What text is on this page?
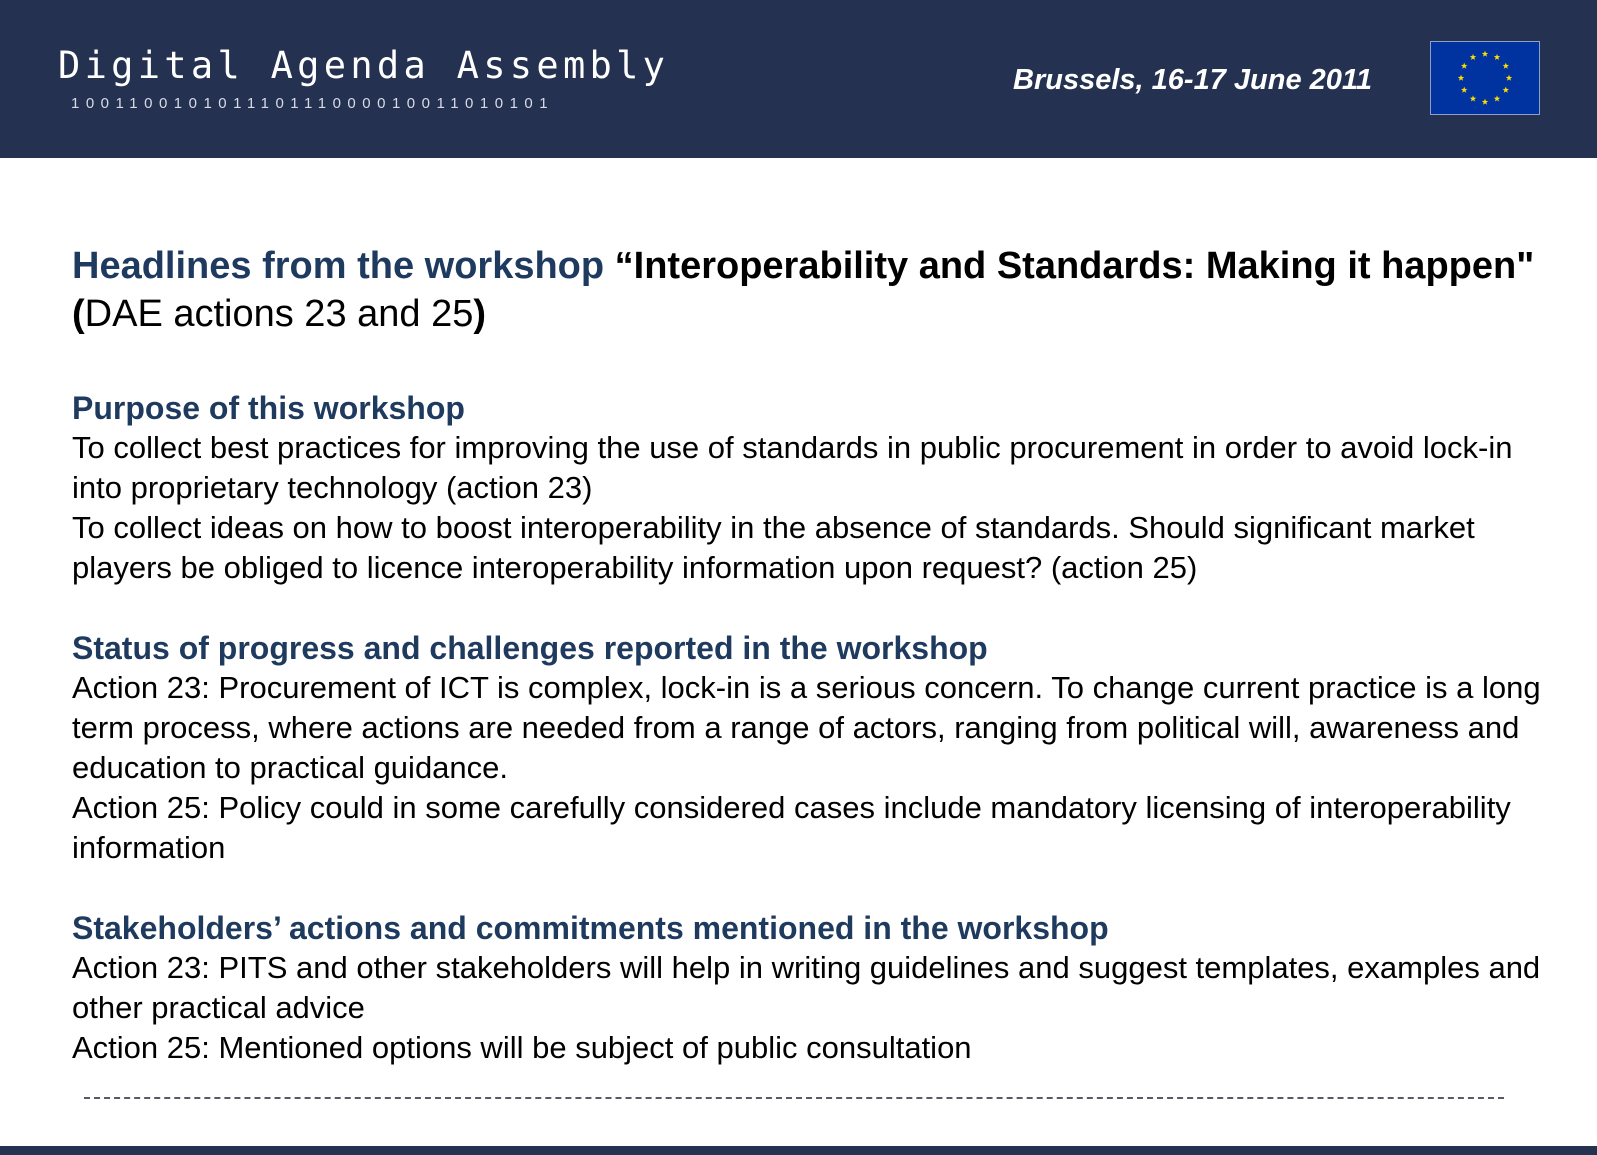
Digital Agenda Assembly
100110010101110111000010011010101
Brussels, 16-17 June 2011
Headlines from the workshop “Interoperability and Standards: Making it happen" (DAE actions 23 and 25)
Purpose of this workshop
To collect best practices for improving the use of standards in public procurement in order to avoid lock-in into proprietary technology (action 23)
To collect ideas on how to boost interoperability in the absence of standards. Should significant market players be obliged to licence interoperability information upon request? (action 25)
Status of progress and challenges reported in the workshop
Action 23: Procurement of ICT is complex, lock-in is a serious concern. To change current practice is a long term process, where actions are needed from a range of actors, ranging from political will, awareness and education to practical guidance.
Action 25: Policy could in some carefully considered cases include mandatory licensing of interoperability information
Stakeholders’ actions and commitments mentioned in the workshop
Action 23: PITS and other stakeholders will help in writing guidelines and suggest templates, examples and other practical advice
Action 25: Mentioned options will be subject of public consultation
